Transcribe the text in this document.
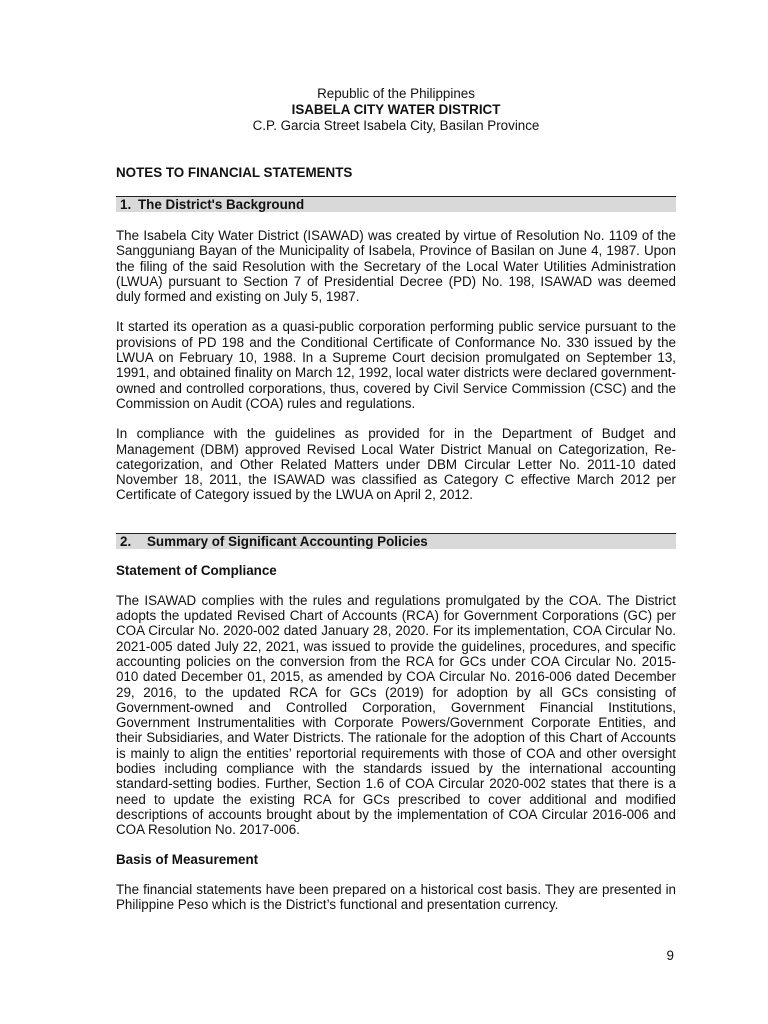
Republic of the Philippines
ISABELA CITY WATER DISTRICT
C.P. Garcia Street Isabela City, Basilan Province
NOTES TO FINANCIAL STATEMENTS
1. The District's Background

The Isabela City Water District (ISAWAD) was created by virtue of Resolution No. 1109 of the Sangguniang Bayan of the Municipality of Isabela, Province of Basilan on June 4, 1987. Upon the filing of the said Resolution with the Secretary of the Local Water Utilities Administration (LWUA) pursuant to Section 7 of Presidential Decree (PD) No. 198, ISAWAD was deemed duly formed and existing on July 5, 1987.

It started its operation as a quasi-public corporation performing public service pursuant to the provisions of PD 198 and the Conditional Certificate of Conformance No. 330 issued by the LWUA on February 10, 1988. In a Supreme Court decision promulgated on September 13, 1991, and obtained finality on March 12, 1992, local water districts were declared government-owned and controlled corporations, thus, covered by Civil Service Commission (CSC) and the Commission on Audit (COA) rules and regulations.

In compliance with the guidelines as provided for in the Department of Budget and Management (DBM) approved Revised Local Water District Manual on Categorization, Re-categorization, and Other Related Matters under DBM Circular Letter No. 2011-10 dated November 18, 2011, the ISAWAD was classified as Category C effective March 2012 per Certificate of Category issued by the LWUA on April 2, 2012.

2. Summary of Significant Accounting Policies
Statement of Compliance

The ISAWAD complies with the rules and regulations promulgated by the COA. The District adopts the updated Revised Chart of Accounts (RCA) for Government Corporations (GC) per COA Circular No. 2020-002 dated January 28, 2020. For its implementation, COA Circular No. 2021-005 dated July 22, 2021, was issued to provide the guidelines, procedures, and specific accounting policies on the conversion from the RCA for GCs under COA Circular No. 2015-010 dated December 01, 2015, as amended by COA Circular No. 2016-006 dated December 29, 2016, to the updated RCA for GCs (2019) for adoption by all GCs consisting of Government-owned and Controlled Corporation, Government Financial Institutions, Government Instrumentalities with Corporate Powers/Government Corporate Entities, and their Subsidiaries, and Water Districts. The rationale for the adoption of this Chart of Accounts is mainly to align the entities’ reportorial requirements with those of COA and other oversight bodies including compliance with the standards issued by the international accounting standard-setting bodies. Further, Section 1.6 of COA Circular 2020-002 states that there is a need to update the existing RCA for GCs prescribed to cover additional and modified descriptions of accounts brought about by the implementation of COA Circular 2016-006 and COA Resolution No. 2017-006.

Basis of Measurement

The financial statements have been prepared on a historical cost basis. They are presented in Philippine Peso which is the District’s functional and presentation currency.

9
